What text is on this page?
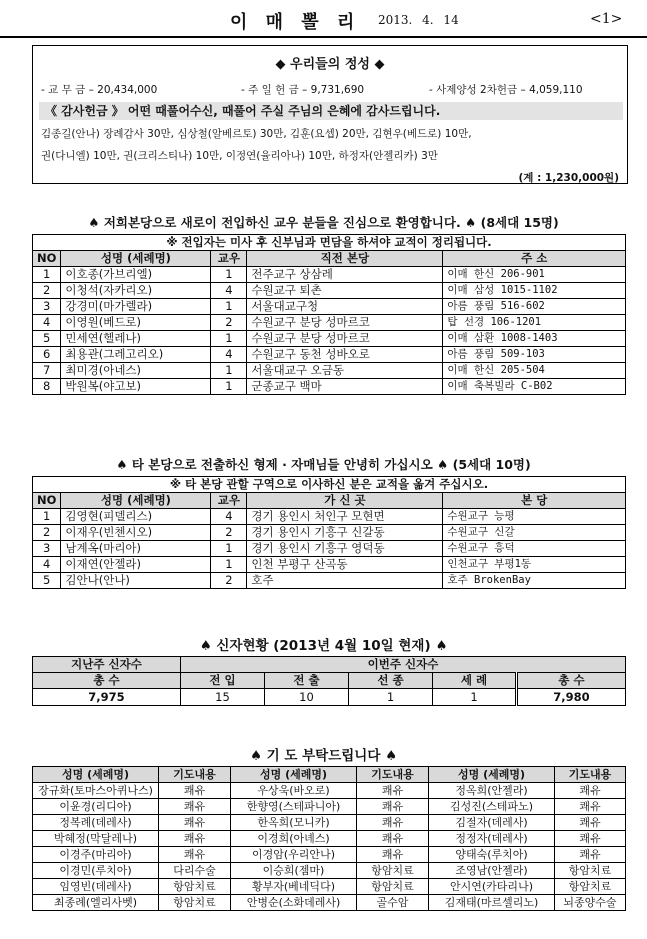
이 매 뽈 리 2013. 4. 14	<1>
◆ 우리들의 정성 ◆
- 교 무 금 – 20,434,000	- 주 일 헌 금 – 9,731,690	- 사제양성 2차헌금 – 4,059,110
《 감사헌금 》 어떤 때풀어수신, 때풀어 주실 주님의 은혜에 감사드립니다.
김종길(안나) 장례감사 30만, 심상철(알베르토) 30만, 김훈(요셉) 20만, 김현우(베드로) 10만,
권(다니엘) 10만, 권(크리스티나) 10만, 이정연(율리아나) 10만, 하정자(안젤리카) 3만
(계 : 1,230,000원)
♠ 저희본당으로 새로이 전입하신 교우 분들을 진심으로 환영합니다. ♠ (8세대 15명)
※ 전입자는 미사 후 신부님과 면담을 하셔야 교적이 정리됩니다.				
NO	성명 (세례명)	교우	직전 본당	주 소
1	이호종(가브리엘)	1	전주교구 상삼레	이매 한신 206-901
2	이청석(자카리오)	4	수원교구 퇴촌	이매 삼성 1015-1102
3	강경미(마가렐라)	1	서울대교구청	아름 풍림 516-602
4	이영원(베드로)	2	수원교구 분당 성마르코	탑 선경 106-1201
5	민세연(헬레나)	1	수원교구 분당 성마르코	이매 삼환 1008-1403
6	최용관(그레고리오)	4	수원교구 동천 성바오로	아름 풍림 509-103
7	최미경(아네스)	1	서울대교구 오금동	이매 한신 205-504
8	박원복(야고보)	1	군종교구 백마	이매 축복빌라 C-B02
♠ 타 본당으로 전출하신 형제 · 자매님들 안녕히 가십시오 ♠ (5세대 10명)
※ 타 본당 관할 구역으로 이사하신 분은 교적을 옮겨 주십시오.				
NO	성명 (세례명)	교우	가 신 곳	본 당
1	김영현(피델리스)	4	경기 용인시 처인구 모현면	수원교구 능평
2	이재우(빈첸시오)	2	경기 용인시 기흥구 신갈동	수원교구 신갈
3	남계옥(마리아)	1	경기 용인시 기흥구 영덕동	수원교구 흥덕
4	이재연(안젤라)	1	인천 부평구 산곡동	인천교구 부평1동
5	김안나(안나)	2	호주	호주 BrokenBay
♠ 신자현황 (2013년 4월 10일 현재) ♠
지난주 신자수	이번주 신자수				
총 수	전 입	전 출	선 종	세 례	총 수
7,975	15	10	1	1	7,980
♠ 기 도 부탁드립니다 ♠
성명 (세례명)	기도내용	성명 (세례명)	기도내용	성명 (세례명)	기도내용
장규화(토마스아퀴나스)	쾌유	우상욱(바오로)	쾌유	정옥희(안젤라)	쾌유
이윤경(리디아)	쾌유	한향영(스테파니아)	쾌유	김성진(스테파노)	쾌유
정복례(데레사)	쾌유	한옥희(모니카)	쾌유	김절자(데레사)	쾌유
박혜정(막달레나)	쾌유	이경희(아녜스)	쾌유	정정자(데레사)	쾌유
이경주(마리아)	쾌유	이경암(우리안나)	쾌유	양태숙(루치아)	쾌유
이경민(루치아)	다리수술	이승희(젬마)	항암치료	조영남(안젤라)	항암치료
임영빈(데레사)	항암치료	황부자(베네딕다)	항암치료	안시연(카타리나)	항암치료
최종례(엘리사벳)	항암치료	안병순(소화데레사)	골수암	김재태(마르셀리노)	뇌종양수술
